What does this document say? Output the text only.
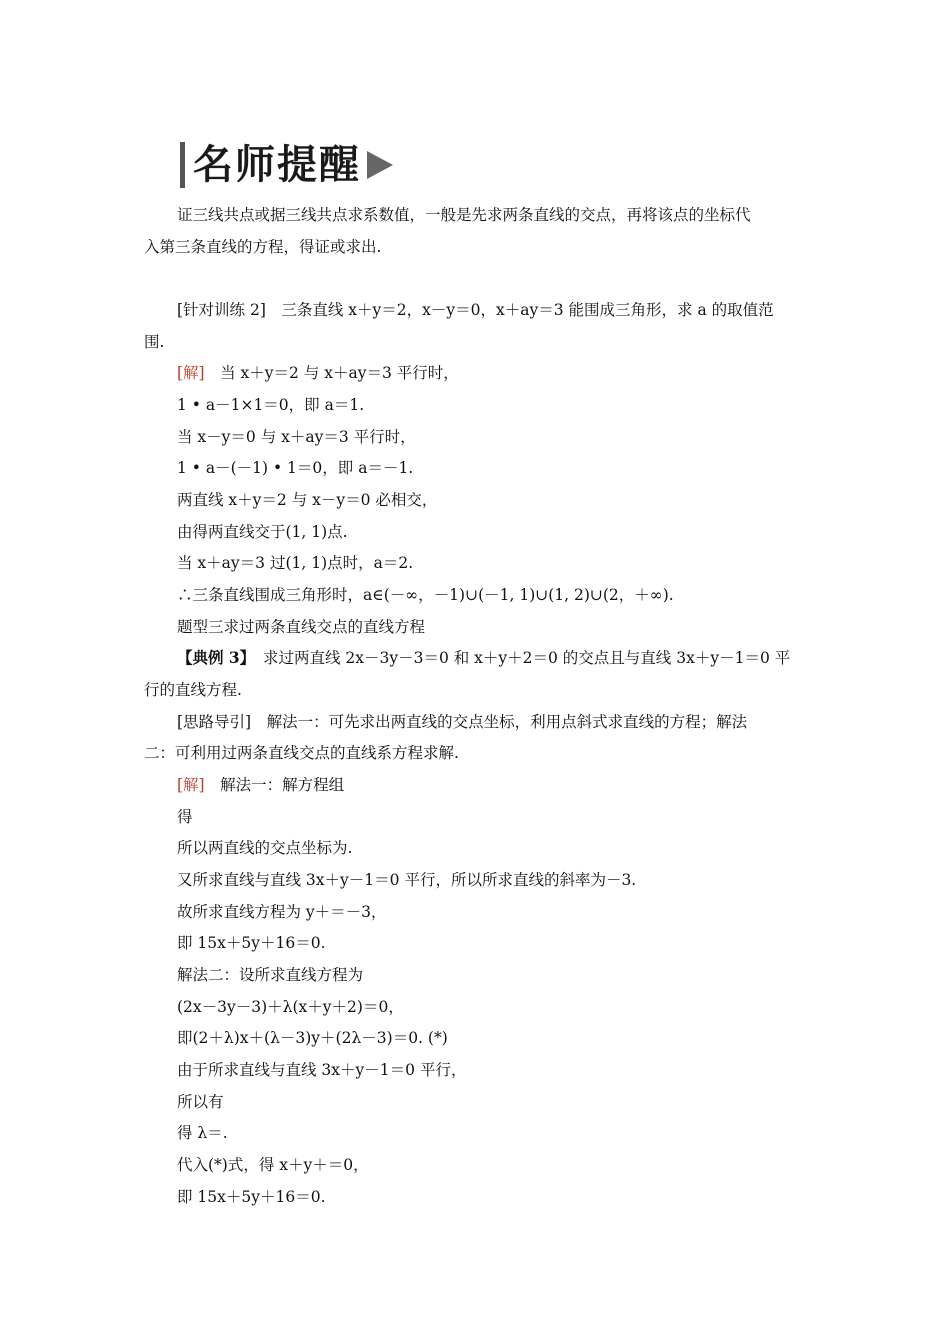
名师提醒
证三线共点或据三线共点求系数值，一般是先求两条直线的交点，再将该点的坐标代
入第三条直线的方程，得证或求出.
[针对训练 2]　三条直线 x＋y＝2，x－y＝0，x＋ay＝3 能围成三角形，求 a 的取值范
围.
[解]　当 x＋y＝2 与 x＋ay＝3 平行时，
1 • a－1×1＝0，即 a＝1.
当 x－y＝0 与 x＋ay＝3 平行时，
1 • a－(－1) • 1＝0，即 a＝－1.
两直线 x＋y＝2 与 x－y＝0 必相交，
由得两直线交于(1, 1)点.
当 x＋ay＝3 过(1, 1)点时，a＝2.
∴三条直线围成三角形时，a∈(－∞，－1)∪(－1, 1)∪(1, 2)∪(2，＋∞).
题型三求过两条直线交点的直线方程
【典例 3】　求过两直线 2x－3y－3＝0 和 x＋y＋2＝0 的交点且与直线 3x＋y－1＝0 平
行的直线方程.
[思路导引]　解法一：可先求出两直线的交点坐标，利用点斜式求直线的方程；解法
二：可利用过两条直线交点的直线系方程求解.
[解]　解法一：解方程组
得
所以两直线的交点坐标为.
又所求直线与直线 3x＋y－1＝0 平行，所以所求直线的斜率为－3.
故所求直线方程为 y＋＝－3，
即 15x＋5y＋16＝0.
解法二：设所求直线方程为
(2x－3y－3)＋λ(x＋y＋2)＝0，
即(2＋λ)x＋(λ－3)y＋(2λ－3)＝0. (*)
由于所求直线与直线 3x＋y－1＝0 平行，
所以有
得 λ＝.
代入(*)式，得 x＋y＋＝0，
即 15x＋5y＋16＝0.
